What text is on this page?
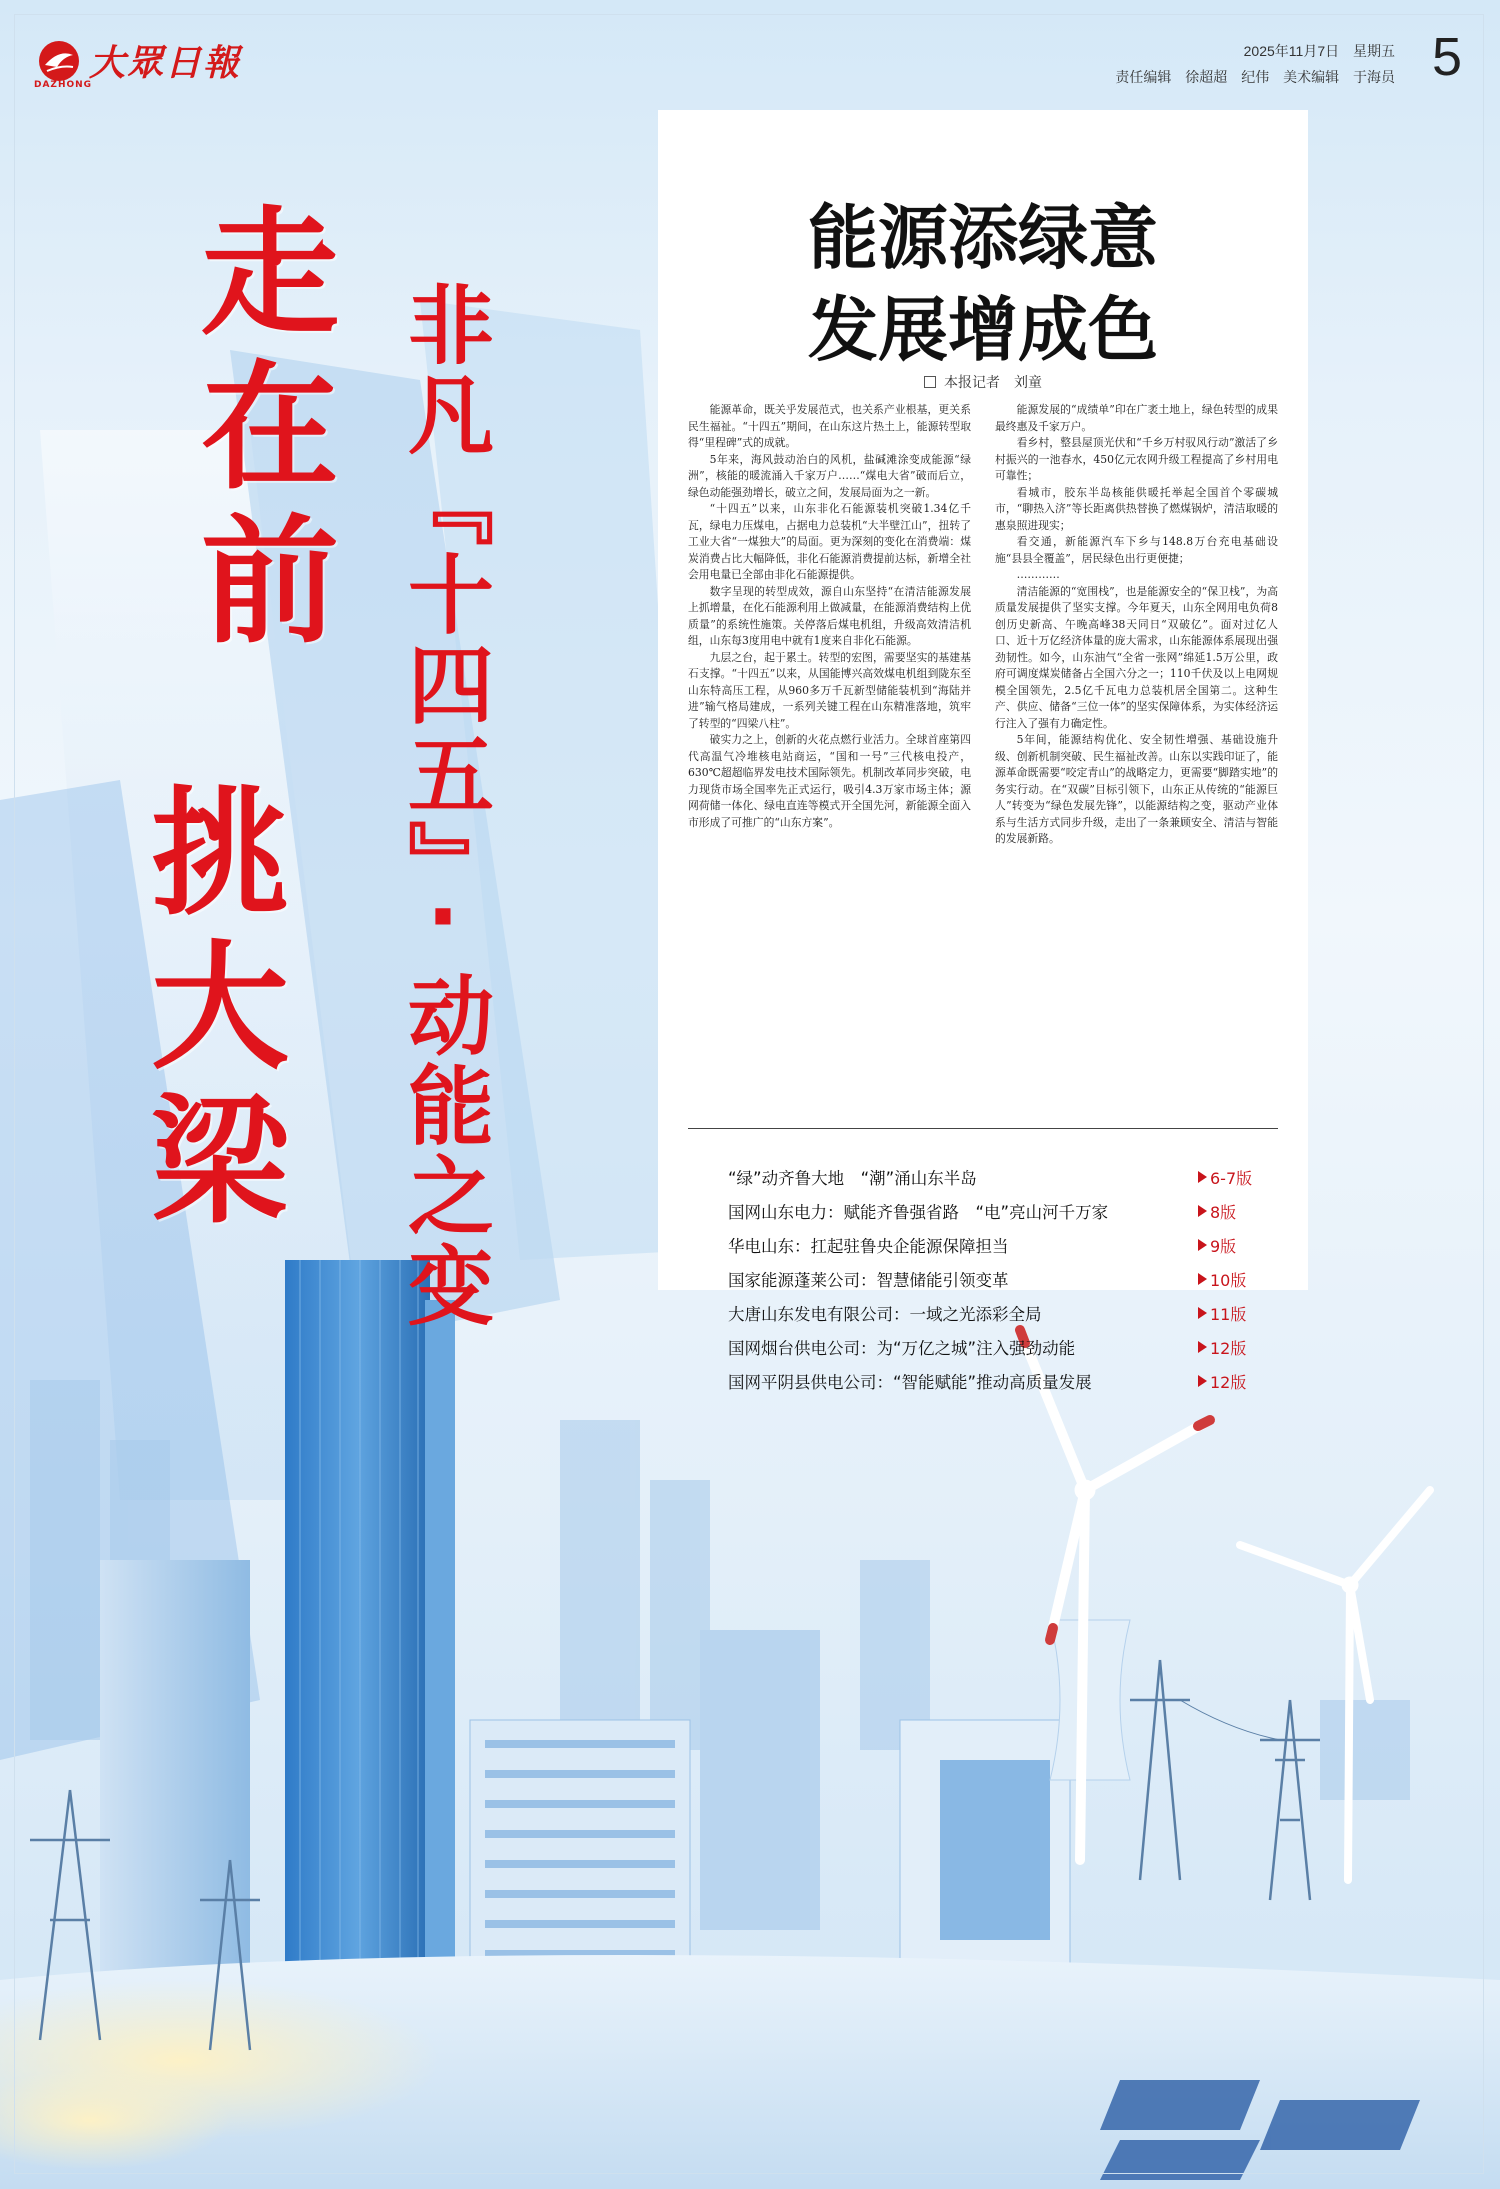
大眾日報
DAZHONG
2025年11月7日 星期五
责任编辑 徐超超　纪伟 美术编辑 于海员 5
走在前
挑大梁 非凡『十四五』·动能之变
能源添绿意
发展增成色
本报记者　刘童

能源革命，既关乎发展范式，也关系产业根基，更关系民生福祉。“十四五”期间，在山东这片热土上，能源转型取得“里程碑”式的成就。

5年来，海风鼓动治白的风机，盐碱滩涂变成能源“绿洲”，核能的暖流涌入千家万户……“煤电大省”破而后立，绿色动能强劲增长，破立之间，发展局面为之一新。

“十四五”以来，山东非化石能源装机突破1.34亿千瓦，绿电力压煤电，占据电力总装机“大半壁江山”，扭转了工业大省“一煤独大”的局面。更为深刻的变化在消费端：煤炭消费占比大幅降低，非化石能源消费提前达标，新增全社会用电量已全部由非化石能源提供。

数字呈现的转型成效，源自山东坚持“在清洁能源发展上抓增量，在化石能源利用上做减量，在能源消费结构上优质量”的系统性施策。关停落后煤电机组，升级高效清洁机组，山东每3度用电中就有1度来自非化石能源。

九层之台，起于累土。转型的宏图，需要坚实的基建基石支撑。“十四五”以来，从国能博兴高效煤电机组到陇东至山东特高压工程，从960多万千瓦新型储能装机到“海陆并进”输气格局建成，一系列关键工程在山东精准落地，筑牢了转型的“四梁八柱”。

破实力之上，创新的火花点燃行业活力。全球首座第四代高温气冷堆核电站商运，“国和一号”三代核电投产，630℃超超临界发电技术国际领先。机制改革同步突破，电力现货市场全国率先正式运行，吸引4.3万家市场主体；源网荷储一体化、绿电直连等模式开全国先河，新能源全面入市形成了可推广的“山东方案”。

能源发展的“成绩单”印在广袤土地上，绿色转型的成果最终惠及千家万户。

看乡村，整县屋顶光伏和“千乡万村驭风行动”激活了乡村振兴的一池春水，450亿元农网升级工程提高了乡村用电可靠性；

看城市，胶东半岛核能供暖托举起全国首个零碳城市，“聊热入济”等长距离供热替换了燃煤锅炉，清洁取暖的惠泉照进现实；

看交通，新能源汽车下乡与148.8万台充电基础设施“县县全覆盖”，居民绿色出行更便捷；

…………

清洁能源的“宽围栈”，也是能源安全的“保卫栈”，为高质量发展提供了坚实支撑。今年夏天，山东全网用电负荷8创历史新高、午晚高峰38天同日“双破亿”。面对过亿人口、近十万亿经济体量的庞大需求，山东能源体系展现出强劲韧性。如今，山东油气“全省一张网”绵延1.5万公里，政府可调度煤炭储备占全国六分之一；110千伏及以上电网规模全国领先，2.5亿千瓦电力总装机居全国第二。这种生产、供应、储备“三位一体”的坚实保障体系，为实体经济运行注入了强有力确定性。

5年间，能源结构优化、安全韧性增强、基础设施升级、创新机制突破、民生福祉改善。山东以实践印证了，能源革命既需要“咬定青山”的战略定力，更需要“脚踏实地”的务实行动。在“双碳”目标引领下，山东正从传统的“能源巨人”转变为“绿色发展先锋”，以能源结构之变，驱动产业体系与生活方式同步升级，走出了一条兼顾安全、清洁与智能的发展新路。

“绿”动齐鲁大地　“潮”涌山东半岛	6-7版
国网山东电力：赋能齐鲁强省路　“电”亮山河千万家	8版
华电山东：扛起驻鲁央企能源保障担当	9版
国家能源蓬莱公司：智慧储能引领变革	10版
大唐山东发电有限公司：一域之光添彩全局	11版
国网烟台供电公司：为“万亿之城”注入强劲动能	12版
国网平阴县供电公司：“智能赋能”推动高质量发展	12版
